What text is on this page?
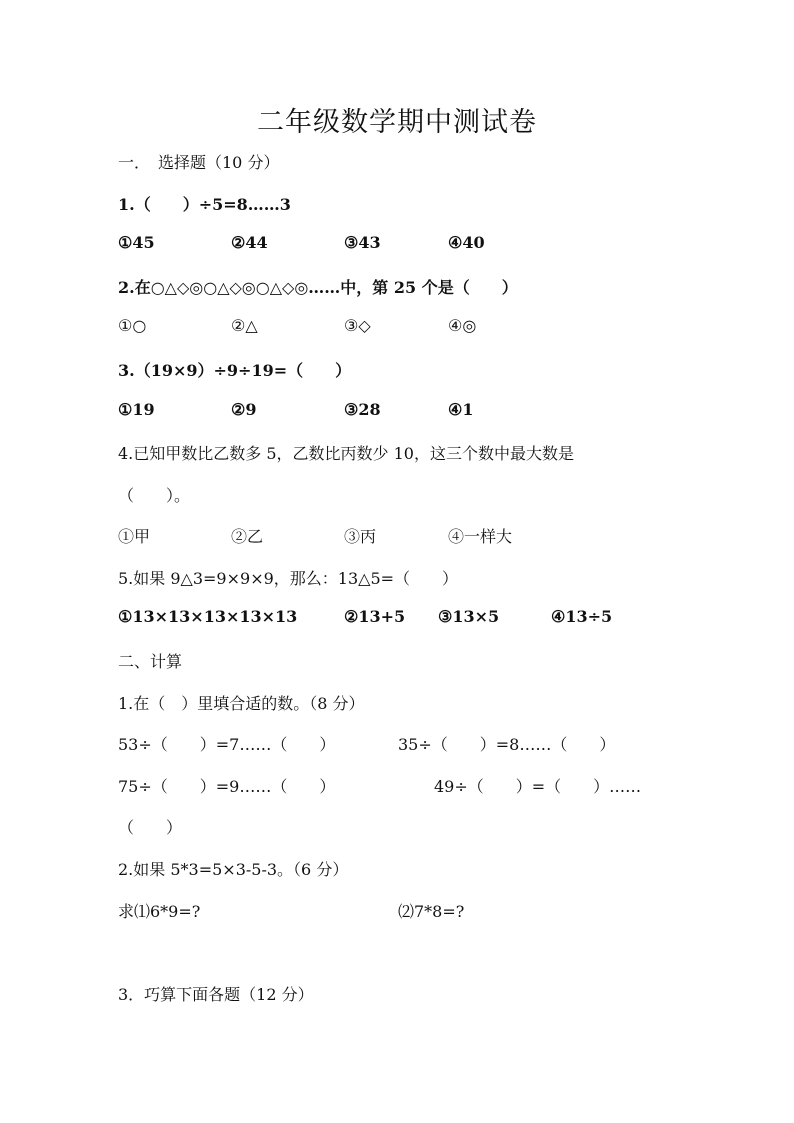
二年级数学期中测试卷
一．　选择题（10 分）
1.（　　）÷5=8……3
①45	②44	③43	④40
2.在○△◇◎○△◇◎○△◇◎……中，第 25 个是（　　）
①○	②△	③◇	④◎
3.（19×9）÷9÷19=（　　）
①19	②9	③28	④1
4.已知甲数比乙数多 5，乙数比丙数少 10，这三个数中最大数是
（　　）。
①甲	②乙	③丙	④一样大
5.如果 9△3=9×9×9，那么：13△5=（　　）
①13×13×13×13×13	②13+5 ③13×5	④13÷5
二、计算
1.在（　）里填合适的数。（8 分）
53÷（　　）=7……（　　）	35÷（　　）=8……（　　）
75÷（　　）=9……（　　）	49÷（　　）=（　　）……
（　　）
2.如果 5*3=5×3-5-3。（6 分）
求⑴6*9=?	⑵7*8=?
3．巧算下面各题（12 分）
